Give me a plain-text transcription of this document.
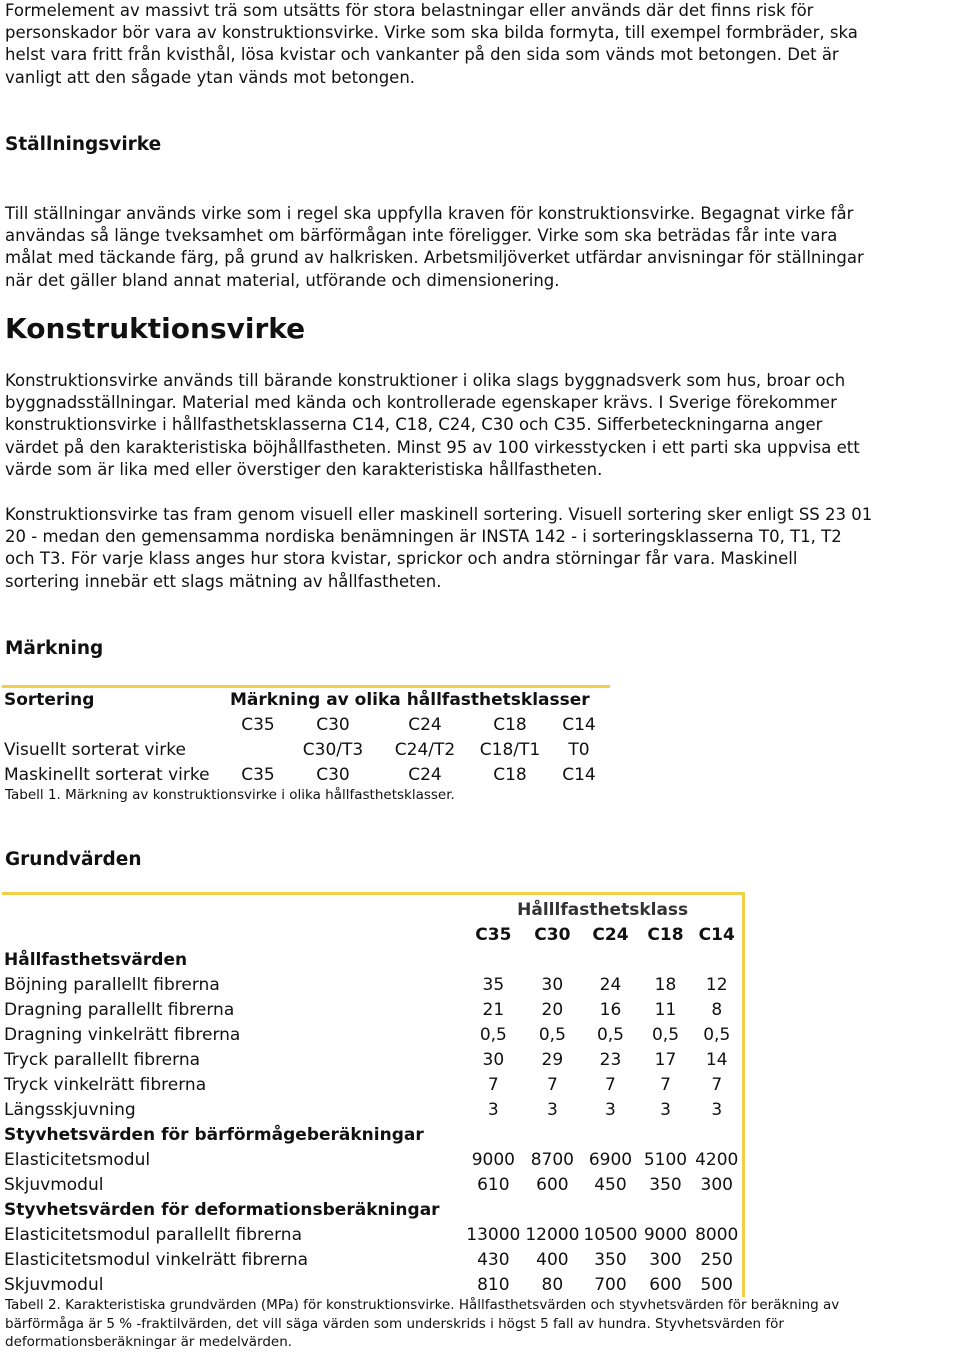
Formelement av massivt trä som utsätts för stora belastningar eller används där det finns risk för
personskador bör vara av konstruktionsvirke. Virke som ska bilda formyta, till exempel formbräder, ska
helst vara fritt från kvisthål, lösa kvistar och vankanter på den sida som vänds mot betongen. Det är
vanligt att den sågade ytan vänds mot betongen.
Ställningsvirke
Till ställningar används virke som i regel ska uppfylla kraven för konstruktionsvirke. Begagnat virke får
användas så länge tveksamhet om bärförmågan inte föreligger. Virke som ska beträdas får inte vara
målat med täckande färg, på grund av halkrisken. Arbetsmiljöverket utfärdar anvisningar för ställningar
när det gäller bland annat material, utförande och dimensionering.
Konstruktionsvirke
Konstruktionsvirke används till bärande konstruktioner i olika slags byggnadsverk som hus, broar och
byggnadsställningar. Material med kända och kontrollerade egenskaper krävs. I Sverige förekommer
konstruktionsvirke i hållfasthetsklasserna C14, C18, C24, C30 och C35. Sifferbeteckningarna anger
värdet på den karakteristiska böjhållfastheten. Minst 95 av 100 virkesstycken i ett parti ska uppvisa ett
värde som är lika med eller överstiger den karakteristiska hållfastheten.
Konstruktionsvirke tas fram genom visuell eller maskinell sortering. Visuell sortering sker enligt SS 23 01
20 - medan den gemensamma nordiska benämningen är INSTA 142 - i sorteringsklasserna T0, T1, T2
och T3. För varje klass anges hur stora kvistar, sprickor och andra störningar får vara. Maskinell
sortering innebär ett slags mätning av hållfastheten.
Märkning
Sortering	Märkning av olika hållfasthetsklasser				
	C35	C30	C24	C18	C14
Visuellt sorterat virke		C30/T3	C24/T2	C18/T1	T0
Maskinellt sorterat virke	C35	C30	C24	C18	C14
Tabell 1. Märkning av konstruktionsvirke i olika hållfasthetsklasser.
Grundvärden

	Hålllfasthetsklass				
	C35	C30	C24	C18	C14
Hållfasthetsvärden					
Böjning parallellt fibrerna	35	30	24	18	12
Dragning parallellt fibrerna	21	20	16	11	8
Dragning vinkelrätt fibrerna	0,5	0,5	0,5	0,5	0,5
Tryck parallellt fibrerna	30	29	23	17	14
Tryck vinkelrätt fibrerna	7	7	7	7	7
Längsskjuvning	3	3	3	3	3
Styvhetsvärden för bärförmågeberäkningar					
Elasticitetsmodul	9000	8700	6900	5100	4200
Skjuvmodul	610	600	450	350	300
Styvhetsvärden för deformationsberäkningar					
Elasticitetsmodul parallellt fibrerna	13000	12000	10500	9000	8000
Elasticitetsmodul vinkelrätt fibrerna	430	400	350	300	250
Skjuvmodul	810	80	700	600	500
Tabell 2. Karakteristiska grundvärden (MPa) för konstruktionsvirke. Hållfasthetsvärden och styvhetsvärden för beräkning av
bärförmåga är 5 % -fraktilvärden, det vill säga värden som underskrids i högst 5 fall av hundra. Styvhetsvärden för
deformationsberäkningar är medelvärden.
